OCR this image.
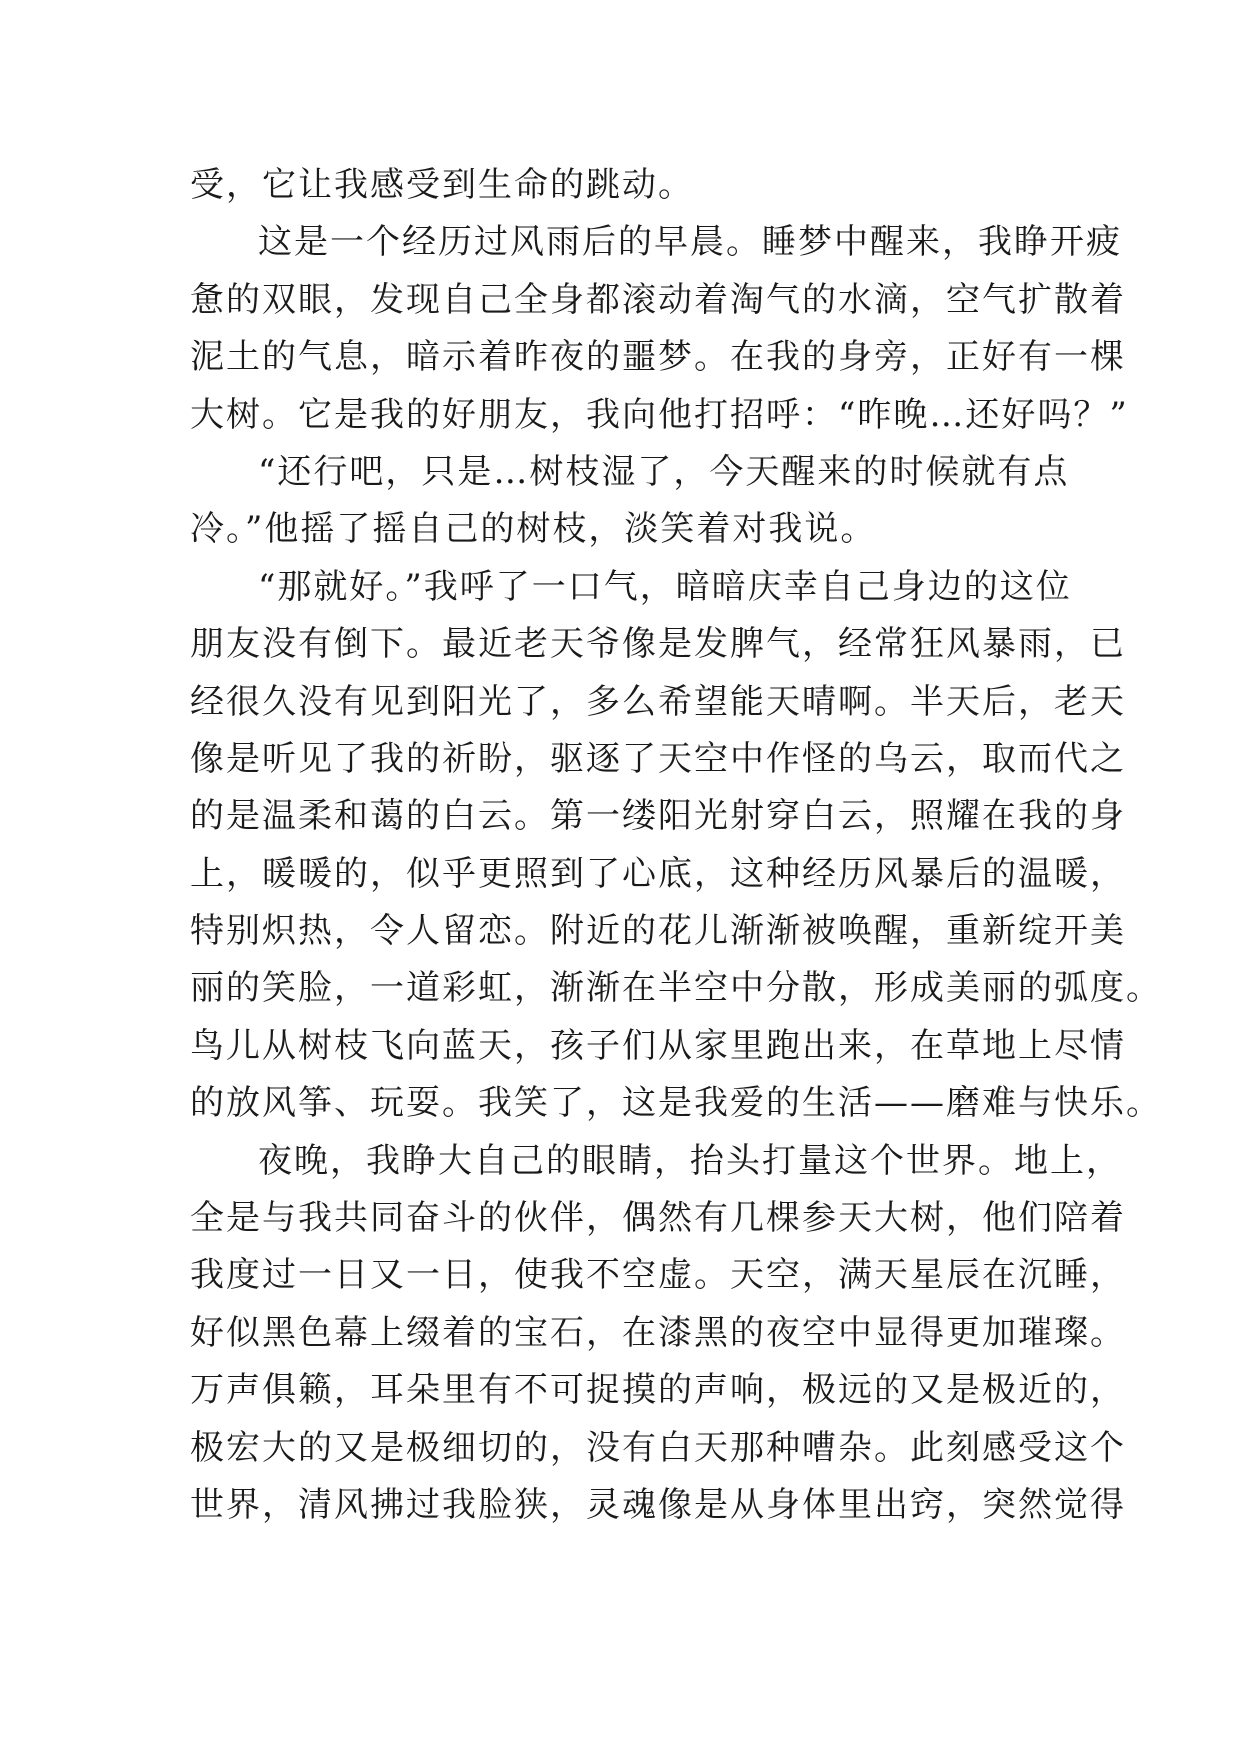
受，它让我感受到生命的跳动。
这是一个经历过风雨后的早晨。睡梦中醒来，我睁开疲
惫的双眼，发现自己全身都滚动着淘气的水滴，空气扩散着
泥土的气息，暗示着昨夜的噩梦。在我的身旁，正好有一棵
大树。它是我的好朋友，我向他打招呼：“昨晚…还好吗？”
“还行吧，只是…树枝湿了，今天醒来的时候就有点
冷。”他摇了摇自己的树枝，淡笑着对我说。
“那就好。”我呼了一口气，暗暗庆幸自己身边的这位
朋友没有倒下。最近老天爷像是发脾气，经常狂风暴雨，已
经很久没有见到阳光了，多么希望能天晴啊。半天后，老天
像是听见了我的祈盼，驱逐了天空中作怪的乌云，取而代之
的是温柔和蔼的白云。第一缕阳光射穿白云，照耀在我的身
上，暖暖的，似乎更照到了心底，这种经历风暴后的温暖，
特别炽热，令人留恋。附近的花儿渐渐被唤醒，重新绽开美
丽的笑脸，一道彩虹，渐渐在半空中分散，形成美丽的弧度。
鸟儿从树枝飞向蓝天，孩子们从家里跑出来，在草地上尽情
的放风筝、玩耍。我笑了，这是我爱的生活——磨难与快乐。
夜晚，我睁大自己的眼睛，抬头打量这个世界。地上，
全是与我共同奋斗的伙伴，偶然有几棵参天大树，他们陪着
我度过一日又一日，使我不空虚。天空，满天星辰在沉睡，
好似黑色幕上缀着的宝石，在漆黑的夜空中显得更加璀璨。
万声俱籁，耳朵里有不可捉摸的声响，极远的又是极近的，
极宏大的又是极细切的，没有白天那种嘈杂。此刻感受这个
世界，清风拂过我脸狭，灵魂像是从身体里出窍，突然觉得
